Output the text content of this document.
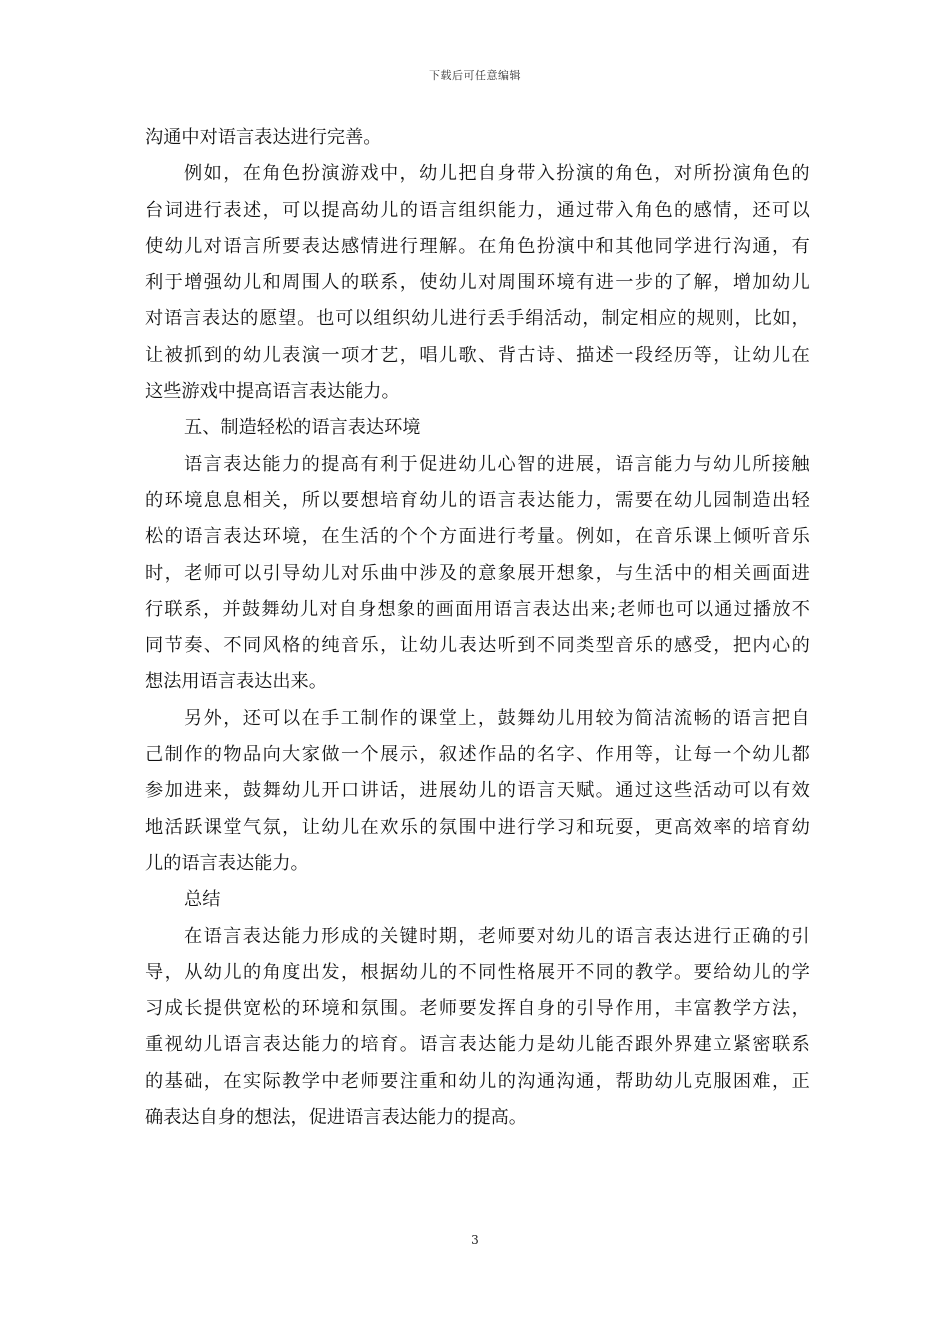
下载后可任意编辑
沟通中对语言表达进行完善。
例 如 ， 在 角 色 扮 演 游 戏 中 ， 幼 儿 把 自 身 带 入 扮 演 的 角 色 ， 对 所 扮 演 角 色 的
台 词 进 行 表 述 ， 可 以 提 高 幼 儿 的 语 言 组 织 能 力 ， 通 过 带 入 角 色 的 感 情 ， 还 可 以
使 幼 儿 对 语 言 所 要 表 达 感 情 进 行 理 解 。 在 角 色 扮 演 中 和 其 他 同 学 进 行 沟 通 ， 有
利 于 增 强 幼 儿 和 周 围 人 的 联 系 ， 使 幼 儿 对 周 围 环 境 有 进 一 步 的 了 解 ， 增 加 幼 儿
对 语 言 表 达 的 愿 望 。 也 可 以 组 织 幼 儿 进 行 丢 手 绢 活 动 ， 制 定 相 应 的 规 则 ， 比 如 ，
让 被 抓 到 的 幼 儿 表 演 一 项 才 艺 ， 唱 儿 歌 、 背 古 诗 、 描 述 一 段 经 历 等 ， 让 幼 儿 在
这些游戏中提高语言表达能力。
五、制造轻松的语言表达环境
语 言 表 达 能 力 的 提 高 有 利 于 促 进 幼 儿 心 智 的 进 展 ， 语 言 能 力 与 幼 儿 所 接 触
的 环 境 息 息 相 关 ， 所 以 要 想 培 育 幼 儿 的 语 言 表 达 能 力 ， 需 要 在 幼 儿 园 制 造 出 轻
松 的 语 言 表 达 环 境 ， 在 生 活 的 个 个 方 面 进 行 考 量 。 例 如 ， 在 音 乐 课 上 倾 听 音 乐
时 ， 老 师 可 以 引 导 幼 儿 对 乐 曲 中 涉 及 的 意 象 展 开 想 象 ， 与 生 活 中 的 相 关 画 面 进
行 联 系 ， 并 鼓 舞 幼 儿 对 自 身 想 象 的 画 面 用 语 言 表 达 出 来 ; 老 师 也 可 以 通 过 播 放 不
同 节 奏 、 不 同 风 格 的 纯 音 乐 ， 让 幼 儿 表 达 听 到 不 同 类 型 音 乐 的 感 受 ， 把 内 心 的
想法用语言表达出来。
另 外 ， 还 可 以 在 手 工 制 作 的 课 堂 上 ， 鼓 舞 幼 儿 用 较 为 简 洁 流 畅 的 语 言 把 自
己 制 作 的 物 品 向 大 家 做 一 个 展 示 ， 叙 述 作 品 的 名 字 、 作 用 等 ， 让 每 一 个 幼 儿 都
参 加 进 来 ， 鼓 舞 幼 儿 开 口 讲 话 ， 进 展 幼 儿 的 语 言 天 赋 。 通 过 这 些 活 动 可 以 有 效
地 活 跃 课 堂 气 氛 ， 让 幼 儿 在 欢 乐 的 氛 围 中 进 行 学 习 和 玩 耍 ， 更 高 效 率 的 培 育 幼
儿的语言表达能力。
总结
在 语 言 表 达 能 力 形 成 的 关 键 时 期 ， 老 师 要 对 幼 儿 的 语 言 表 达 进 行 正 确 的 引
导 ， 从 幼 儿 的 角 度 出 发 ， 根 据 幼 儿 的 不 同 性 格 展 开 不 同 的 教 学 。 要 给 幼 儿 的 学
习 成 长 提 供 宽 松 的 环 境 和 氛 围 。 老 师 要 发 挥 自 身 的 引 导 作 用 ， 丰 富 教 学 方 法 ，
重 视 幼 儿 语 言 表 达 能 力 的 培 育 。 语 言 表 达 能 力 是 幼 儿 能 否 跟 外 界 建 立 紧 密 联 系
的 基 础 ， 在 实 际 教 学 中 老 师 要 注 重 和 幼 儿 的 沟 通 沟 通 ， 帮 助 幼 儿 克 服 困 难 ， 正
确表达自身的想法，促进语言表达能力的提高。
3
